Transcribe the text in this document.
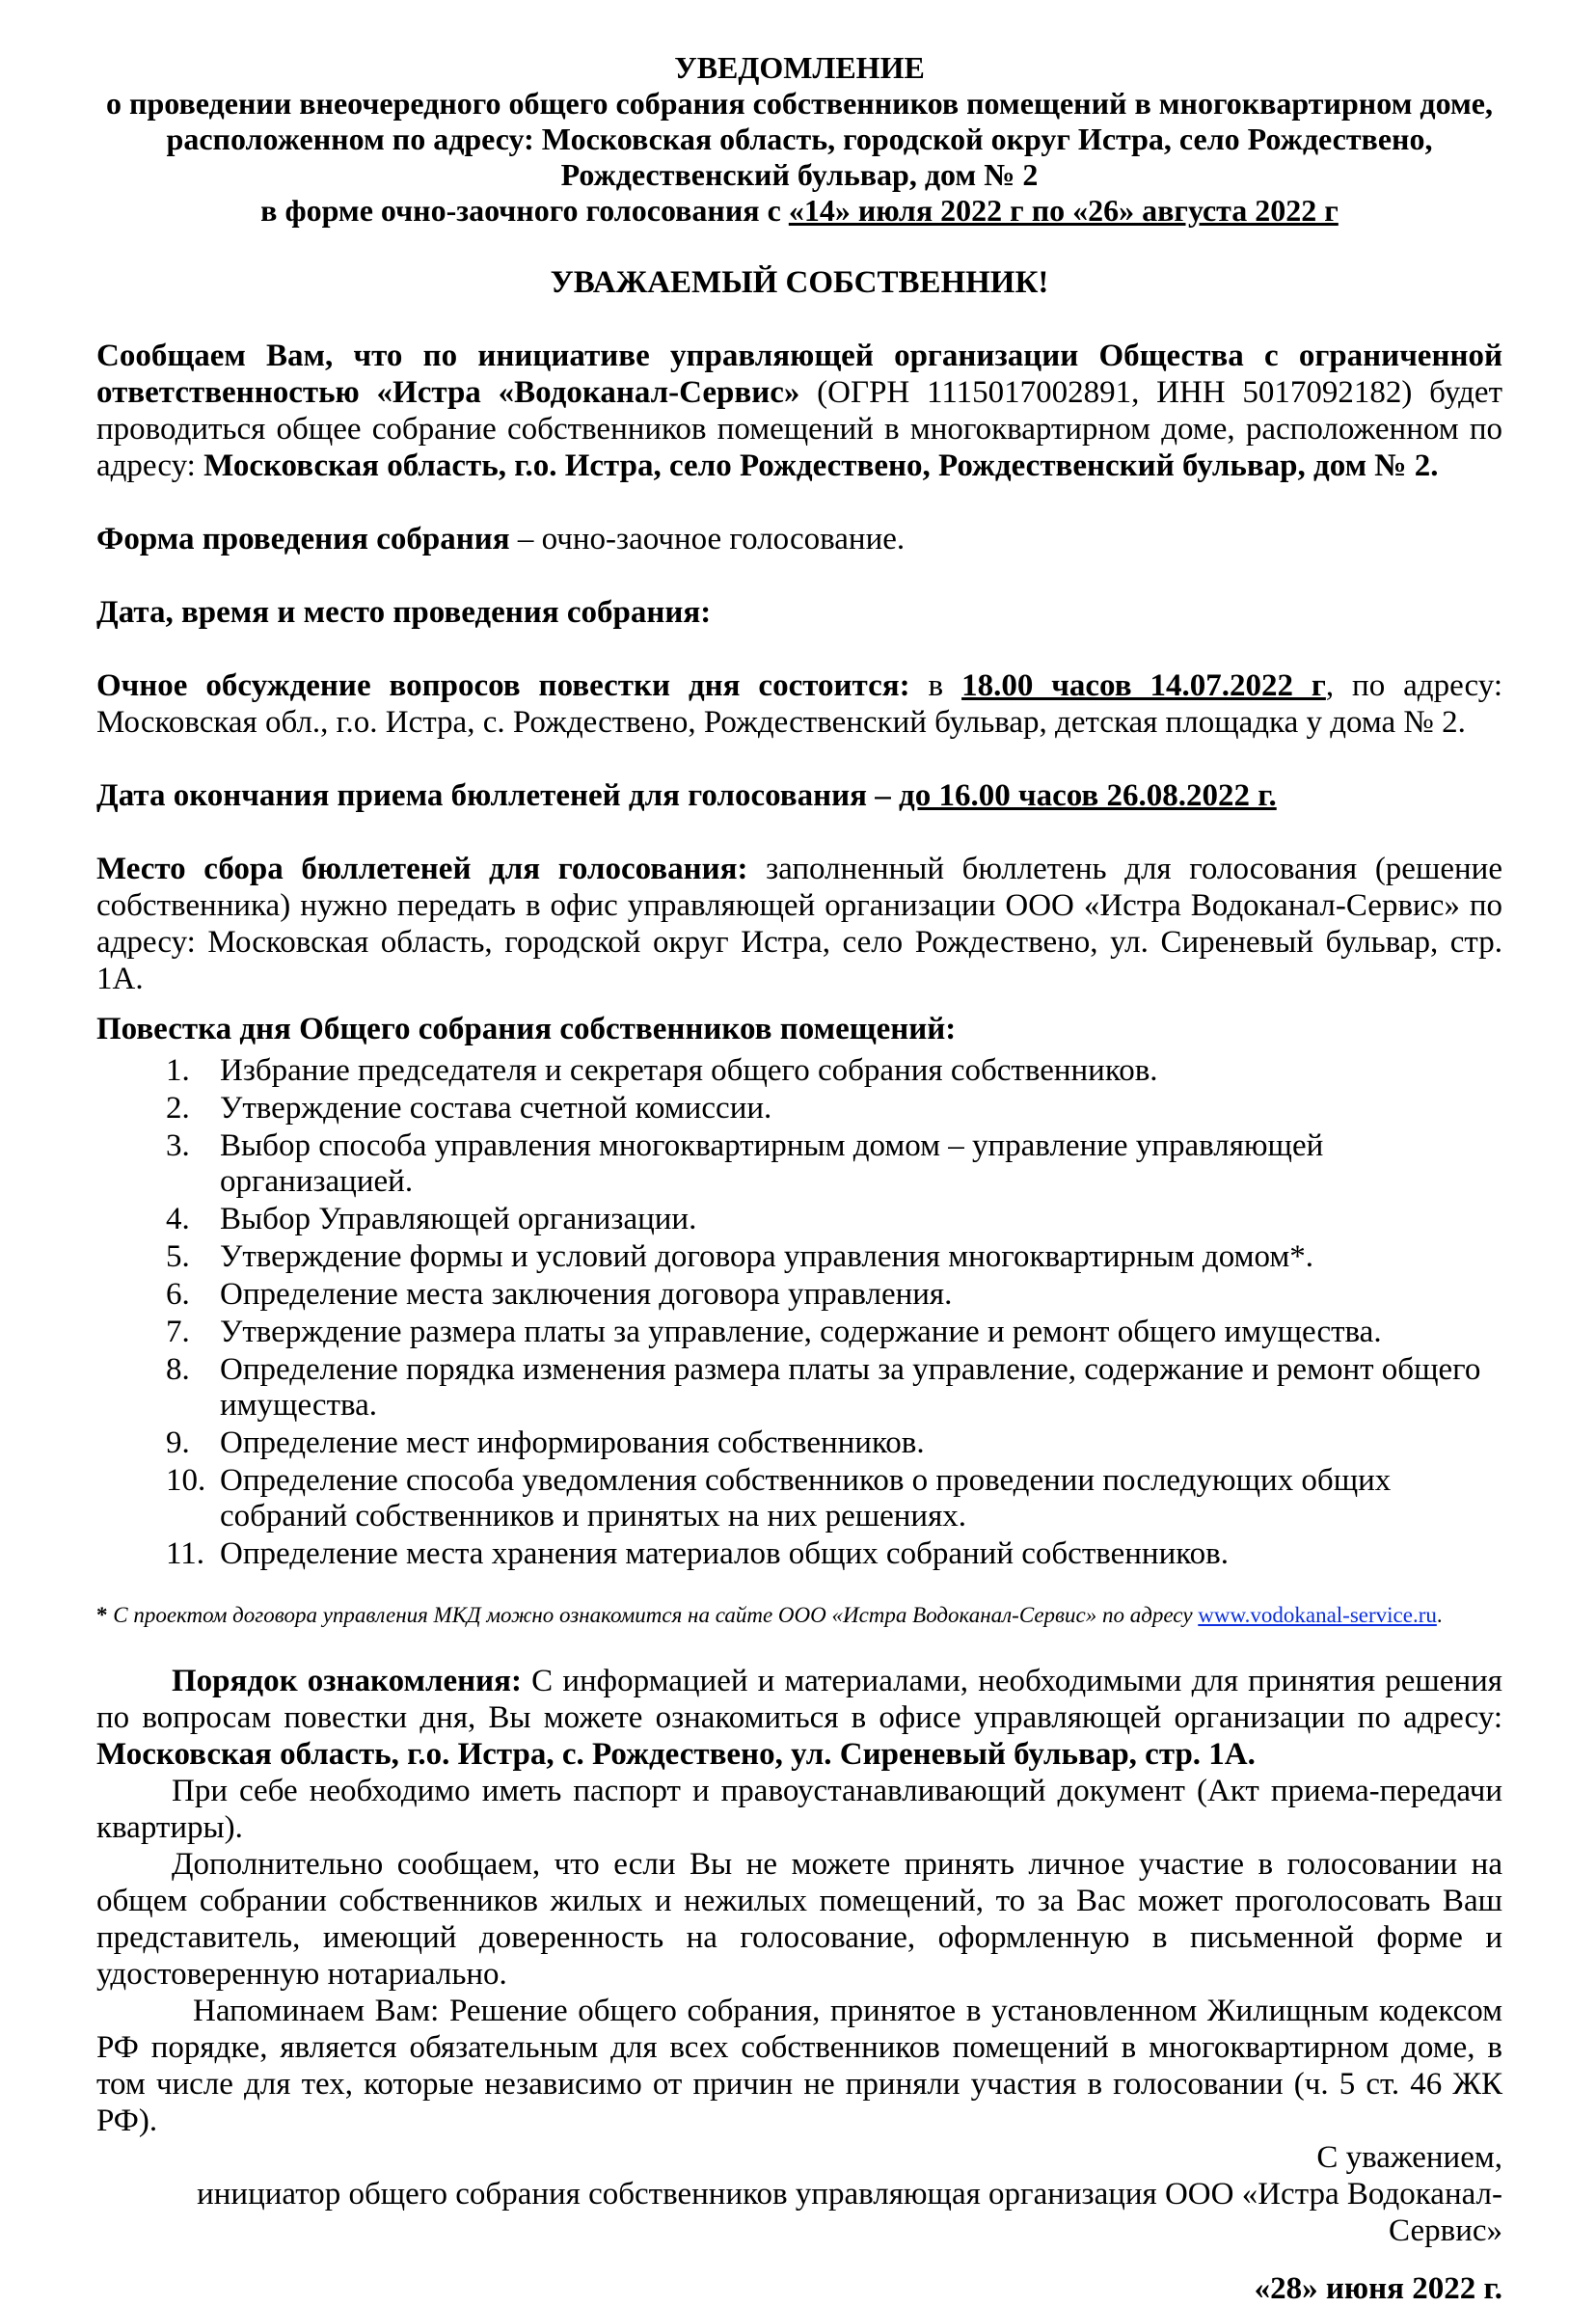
УВЕДОМЛЕНИЕ
о проведении внеочередного общего собрания собственников помещений в многоквартирном доме,
расположенном по адресу: Московская область, городской округ Истра, село Рождествено,
Рождественский бульвар, дом № 2
в форме очно-заочного голосования с «14» июля 2022 г по «26» августа 2022 г
УВАЖАЕМЫЙ СОБСТВЕННИК!

Сообщаем Вам, что по инициативе управляющей организации Общества с ограниченной ответственностью «Истра «Водоканал-Сервис» (ОГРН 1115017002891, ИНН 5017092182) будет проводиться общее собрание собственников помещений в многоквартирном доме, расположенном по адресу: Московская область, г.о. Истра, село Рождествено, Рождественский бульвар, дом № 2.

Форма проведения собрания – очно-заочное голосование.

Дата, время и место проведения собрания:

Очное обсуждение вопросов повестки дня состоится: в 18.00 часов 14.07.2022 г, по адресу: Московская обл., г.о. Истра, с. Рождествено, Рождественский бульвар, детская площадка у дома № 2.

Дата окончания приема бюллетеней для голосования – до 16.00 часов 26.08.2022 г.

Место сбора бюллетеней для голосования: заполненный бюллетень для голосования (решение собственника) нужно передать в офис управляющей организации ООО «Истра Водоканал-Сервис» по адресу: Московская область, городской округ Истра, село Рождествено, ул. Сиреневый бульвар, стр. 1А.

Повестка дня Общего собрания собственников помещений:

1. Избрание председателя и секретаря общего собрания собственников.
2. Утверждение состава счетной комиссии.
3. Выбор способа управления многоквартирным домом – управление управляющей организацией.
4. Выбор Управляющей организации.
5. Утверждение формы и условий договора управления многоквартирным домом*.
6. Определение места заключения договора управления.
7. Утверждение размера платы за управление, содержание и ремонт общего имущества.
8. Определение порядка изменения размера платы за управление, содержание и ремонт общего имущества.
9. Определение мест информирования собственников.
10. Определение способа уведомления собственников о проведении последующих общих собраний собственников и принятых на них решениях.
11. Определение места хранения материалов общих собраний собственников.

* С проектом договора управления МКД можно ознакомится на сайте ООО «Истра Водоканал-Сервис» по адресу www.vodokanal-service.ru.

Порядок ознакомления: С информацией и материалами, необходимыми для принятия решения по вопросам повестки дня, Вы можете ознакомиться в офисе управляющей организации по адресу: Московская область, г.о. Истра, с. Рождествено, ул. Сиреневый бульвар, стр. 1А.

При себе необходимо иметь паспорт и правоустанавливающий документ (Акт приема-передачи квартиры).

Дополнительно сообщаем, что если Вы не можете принять личное участие в голосовании на общем собрании собственников жилых и нежилых помещений, то за Вас может проголосовать Ваш представитель, имеющий доверенность на голосование, оформленную в письменной форме и удостоверенную нотариально.

Напоминаем Вам: Решение общего собрания, принятое в установленном Жилищным кодексом РФ порядке, является обязательным для всех собственников помещений в многоквартирном доме, в том числе для тех, которые независимо от причин не приняли участия в голосовании (ч. 5 ст. 46 ЖК РФ).

С уважением,

инициатор общего собрания собственников управляющая организация ООО «Истра Водоканал-Сервис»

«28» июня 2022 г.
